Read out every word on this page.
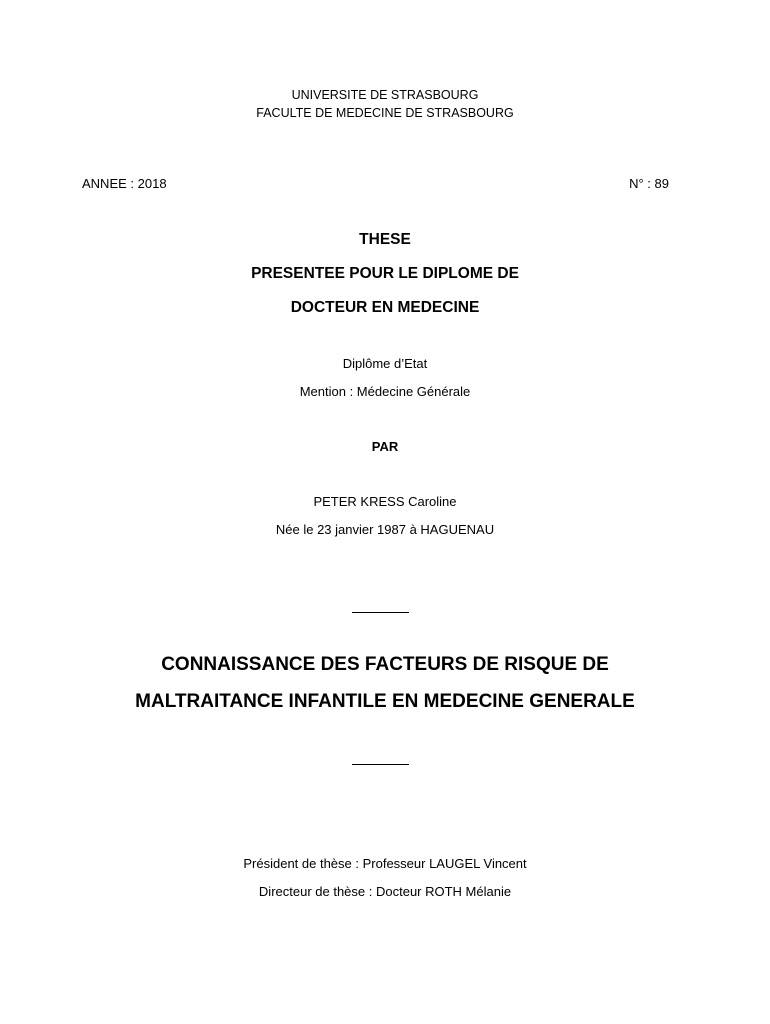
UNIVERSITE DE STRASBOURG
FACULTE DE MEDECINE DE STRASBOURG
ANNEE : 2018	N° : 89
THESE
PRESENTEE POUR LE DIPLOME DE
DOCTEUR EN MEDECINE
Diplôme d’Etat
Mention : Médecine Générale
PAR
PETER KRESS Caroline
Née le 23 janvier 1987 à HAGUENAU
CONNAISSANCE DES FACTEURS DE RISQUE DE
MALTRAITANCE INFANTILE EN MEDECINE GENERALE
Président de thèse : Professeur LAUGEL Vincent
Directeur de thèse : Docteur ROTH Mélanie
